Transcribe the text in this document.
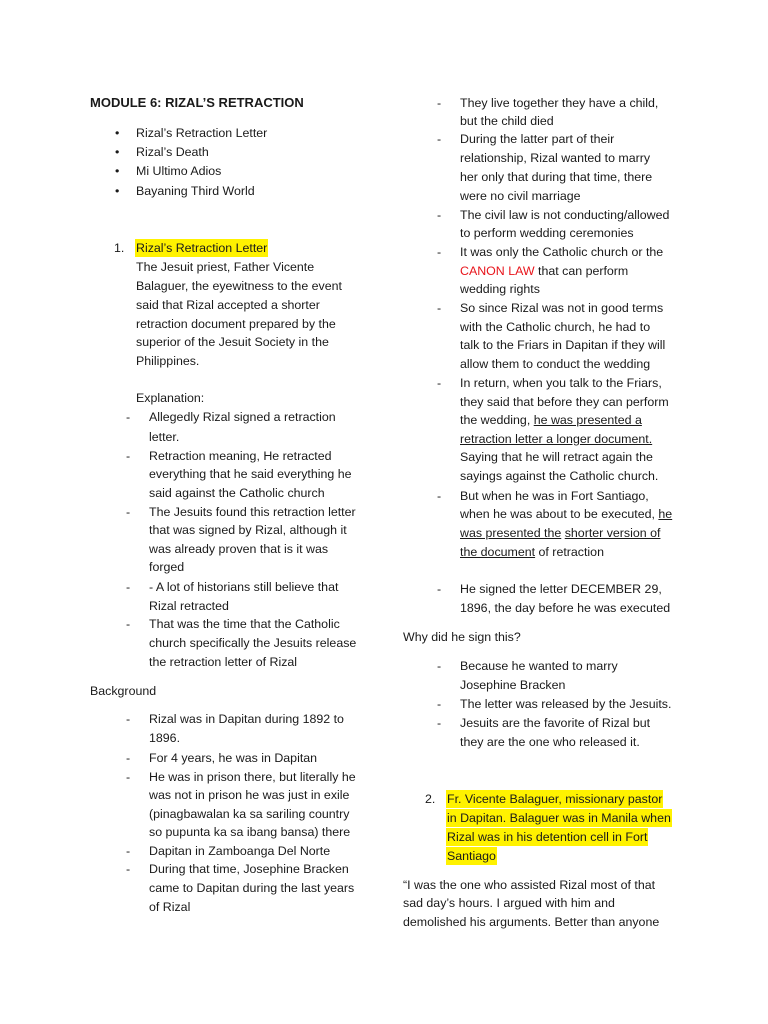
MODULE 6: RIZAL’S RETRACTION
• Rizal’s Retraction Letter
• Rizal’s Death
• Mi Ultimo Adios
• Bayaning Third World
1. Rizal’s Retraction Letter
The Jesuit priest, Father Vicente
Balaguer, the eyewitness to the event
said that Rizal accepted a shorter
retraction document prepared by the
superior of the Jesuit Society in the
Philippines.
Explanation:
- Allegedly Rizal signed a retraction
letter.
- Retraction meaning, He retracted
everything that he said everything he
said against the Catholic church
- The Jesuits found this retraction letter
that was signed by Rizal, although it
was already proven that is it was
forged
- - A lot of historians still believe that
Rizal retracted
- That was the time that the Catholic
church specifically the Jesuits release
the retraction letter of Rizal
Background
- Rizal was in Dapitan during 1892 to
1896.
- For 4 years, he was in Dapitan
- He was in prison there, but literally he
was not in prison he was just in exile
(pinagbawalan ka sa sariling country
so pupunta ka sa ibang bansa) there
- Dapitan in Zamboanga Del Norte
- During that time, Josephine Bracken
came to Dapitan during the last years
of Rizal
- They live together they have a child,
but the child died
- During the latter part of their
relationship, Rizal wanted to marry
her only that during that time, there
were no civil marriage
- The civil law is not conducting/allowed
to perform wedding ceremonies
- It was only the Catholic church or the
CANON LAW that can perform
wedding rights
- So since Rizal was not in good terms
with the Catholic church, he had to
talk to the Friars in Dapitan if they will
allow them to conduct the wedding
- In return, when you talk to the Friars,
they said that before they can perform
the wedding, he was presented a
retraction letter a longer document.
Saying that he will retract again the
sayings against the Catholic church.
- But when he was in Fort Santiago,
when he was about to be executed, he
was presented the shorter version of
the document of retraction
- He signed the letter DECEMBER 29,
1896, the day before he was executed
Why did he sign this?
- Because he wanted to marry
Josephine Bracken
- The letter was released by the Jesuits.
- Jesuits are the favorite of Rizal but
they are the one who released it.
2. Fr. Vicente Balaguer, missionary pastor
in Dapitan. Balaguer was in Manila when
Rizal was in his detention cell in Fort
Santiago
“I was the one who assisted Rizal most of that
sad day’s hours. I argued with him and
demolished his arguments. Better than anyone
